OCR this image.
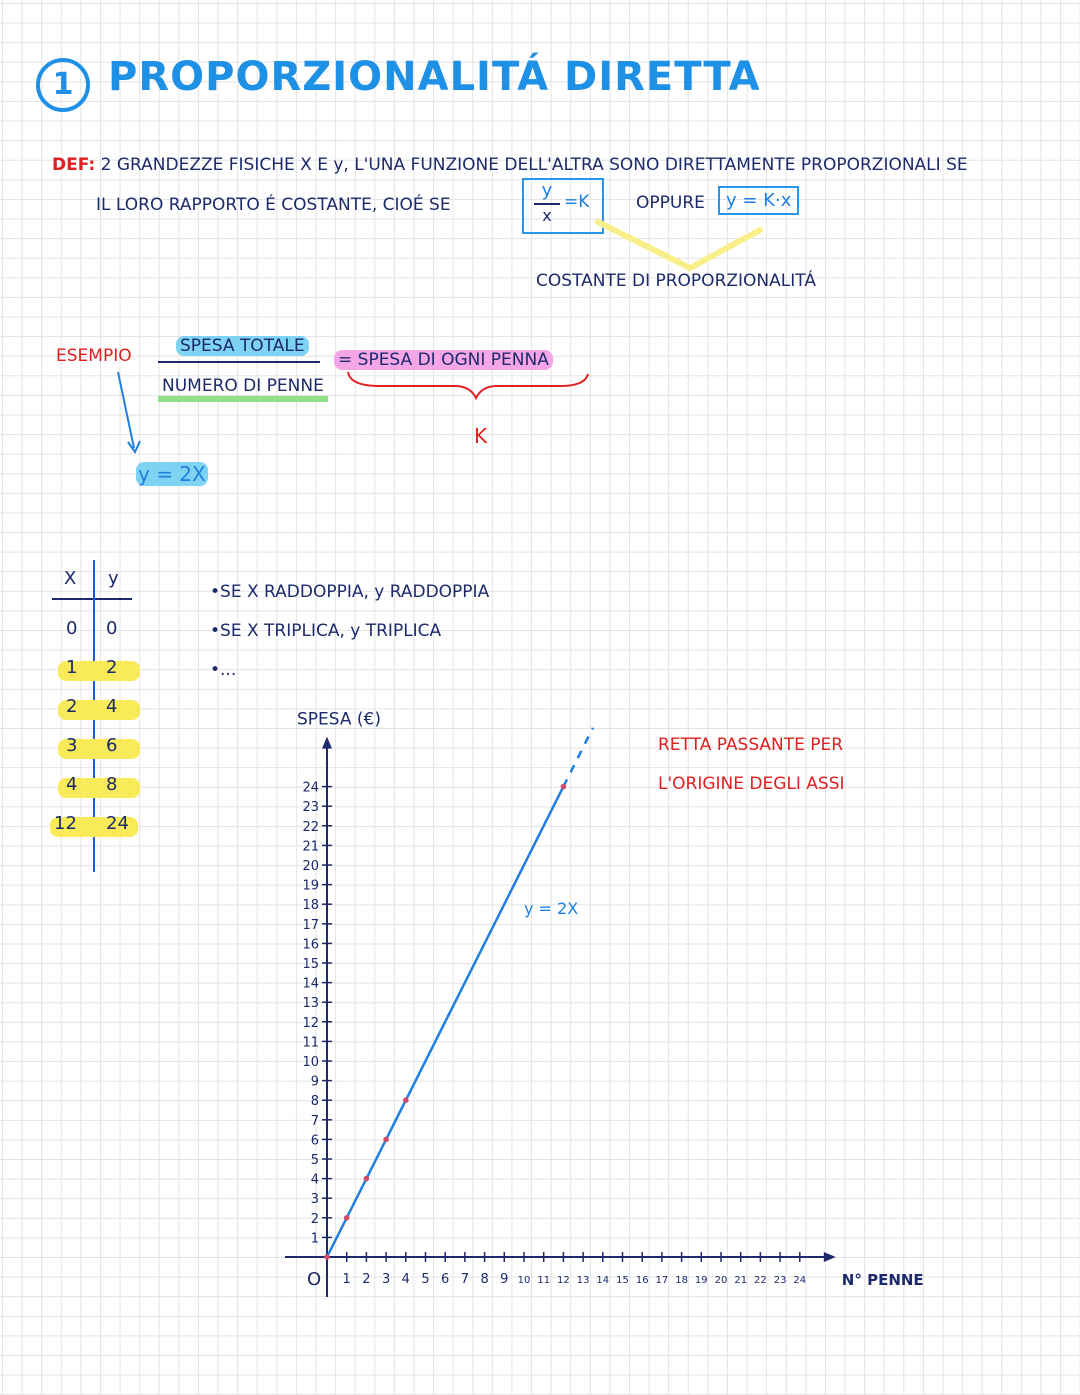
1 PROPORZIONALITÁ DIRETTA
DEF: 2 GRANDEZZE FISICHE X E y, L'UNA FUNZIONE DELL'ALTRA SONO DIRETTAMENTE PROPORZIONALI SE
IL LORO RAPPORTO É COSTANTE, CIOÉ SE
y
x
=K	OPPURE	y = K·x
COSTANTE DI PROPORZIONALITÁ
ESEMPIO	SPESA TOTALE
NUMERO DI PENNE
= SPESA DI OGNI PENNA
K
y = 2X
X y
0 0
1 2
2 4
3 6
4 8
12 24
•SE X RADDOPPIA, y RADDOPPIA
•SE X TRIPLICA, y TRIPLICA
•...
RETTA PASSANTE PER
L'ORIGINE DEGLI ASSI
SPESA (€)
N° PENNE
O
1
2
3
4
5
6
7
8
9
10
11
12
13
14
15
16
17
18
19
20
21
22
23
24
1 2 3 4 5 6 7 8 9 10 11 12 13 14 15 16 17 18 19 20 21 22 23 24
y = 2X
